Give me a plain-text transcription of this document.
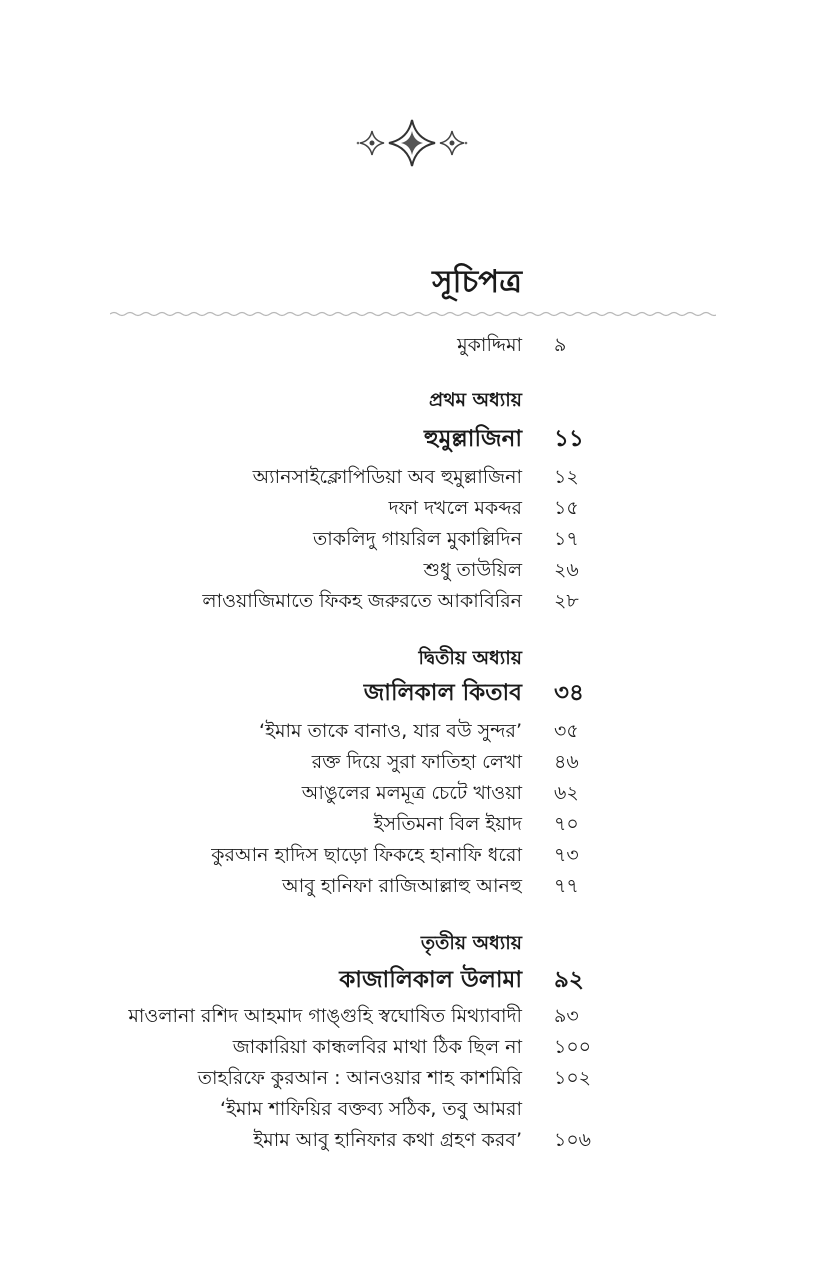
সূচিপত্র
মুকাদ্দিমা ৯
প্রথম অধ্যায়
হুমুল্লাজিনা ১১
অ্যানসাইক্লোপিডিয়া অব হুমুল্লাজিনা ১২
দফা দখলে মকব্দর ১৫
তাকলিদু গায়রিল মুকাল্লিদিন ১৭
শুধু তাউয়িল ২৬
লাওয়াজিমাতে ফিকহ জরুরতে আকাবিরিন ২৮
দ্বিতীয় অধ্যায়
জালিকাল কিতাব ৩৪
‘ইমাম তাকে বানাও, যার বউ সুন্দর’ ৩৫
রক্ত দিয়ে সুরা ফাতিহা লেখা ৪৬
আঙুলের মলমূত্র চেটে খাওয়া ৬২
ইসতিমনা বিল ইয়াদ ৭০
কুরআন হাদিস ছাড়ো ফিকহে হানাফি ধরো ৭৩
আবু হানিফা রাজিআল্লাহু আনহু ৭৭
তৃতীয় অধ্যায়
কাজালিকাল উলামা ৯২
মাওলানা রশিদ আহমাদ গাঙ্গুহি স্বঘোষিত মিথ্যাবাদী ৯৩
জাকারিয়া কান্ধলবির মাথা ঠিক ছিল না ১০০
তাহরিফে কুরআন : আনওয়ার শাহ কাশমিরি ১০২
‘ইমাম শাফিয়ির বক্তব্য সঠিক, তবু আমরা
ইমাম আবু হানিফার কথা গ্রহণ করব’ ১০৬
